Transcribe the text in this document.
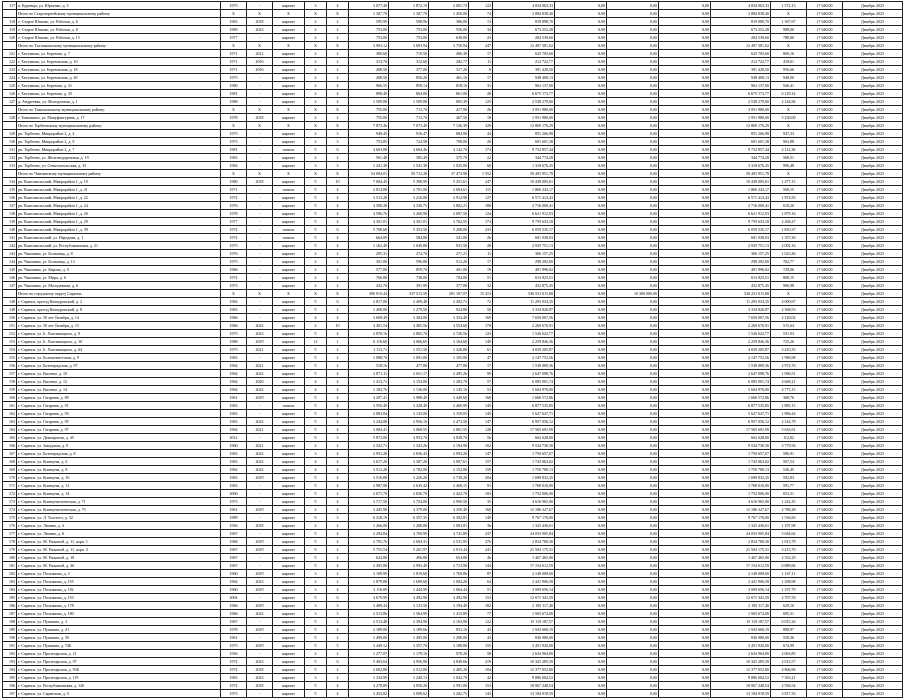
117	п. Куденцы, ул. Юрьенко, д. 3	1975	-	кирпич	3	4	3 077,40	1 872,10	2 001,72	122	4 834 063,33	0,00	0,00	0,00	4 834 063,33	1 572,13	17 640,00	Декабрь 2023
	Итого по Старотерпейскому муниципальному району:	X	X	X	X	X	1 307,79	1 307,79	1 450,00	74	3 884 838,40	0,00	0,00	0,00	3 884 838,40	X	17 640,00	Декабрь 2023
118	с. Старое Шахово, ул. Рабочая, д. 6	1965	2018	кирпич	2	2	595,99	598,96	386,00	13	818 898,70	0,00	0,00	0,00	819 080,70	1 367,67	17 640,00	Декабрь 2023
119	с. Старое Шахово, ул. Рабочая, д. 8	1969	2023	кирпич	2	2	753,00	753,00	556,00	34	673 252,28	0,00	0,00	0,00	673 252,28	988,00	17 640,00	Декабрь 2023
120	с. Старое Шахово, ул. Рабочая, д. 15	1977	-	кирпич	2	2	753,00	753,00	638,00	23	204 539,60	0,00	0,00	0,00	204 539,60	788,00	17 640,00	Декабрь 2023
	Итого по Тахтамышскому муниципальному району:	X	X	X	X	X	3 903,12	3 693,94	3 750,94	247	12 497 381,02	0,00	0,00	0,00	12 497 381,02	X	17 640,00	Декабрь 2023
121	г. Тахтамыш, ул. Березова, д. 7	1971	2012	кирпич	2	2	380,60	719,50	486,30	17	625 705,60	0,00	0,00	0,00	625 705,60	869,16	17 640,00	Декабрь 2023
122	г. Тахтамыш, ул. Березовская, д. 10	1971	2016	кирпич	2	2	313,70	312,60	282,77	11	212 722,77	0,00	0,00	0,00	212 722,77	418,61	17 640,00	Декабрь 2023
123	г. Тахтамыш, ул. Березовская, д. 18	1971	2016	кирпич	2	2	408,50	377,00	317,20	8	391 428,50	0,00	0,00	0,00	391 428,50	956,66	17 640,00	Декабрь 2023
124	г. Тахтамыш, ул. Березовская, д. 20	1975	-	кирпич	2	2	408,50	856,20	461,10	17	948 408,13	0,00	0,00	0,00	948 408,13	948,00	17 640,00	Декабрь 2023
125	г. Тахтамыш, ул. Березова, д. 31	1980	-	кирпич	2	4	966,55	858,14	818,10	31	962 137,00	0,00	0,00	0,00	962 137,00	946,41	17 640,00	Декабрь 2023
126	г. Тахтамыш, ул. Березова, д. 35	1981	-	кирпич	2	4	898,40	864,00	861,00	28	6 675 173,77	0,00	0,00	0,00	6 675 173,77	6 129,14	17 640,00	Декабрь 2023
127	д. Андреевка, ул. Молодежная, д. 1	1988	-	кирпич	2	4	1 509,88	1 509,88	805,39	125	2 538 279,00	0,00	0,00	0,00	2 538 279,00	2 144,84	17 640,00	Декабрь 2023
	Итого по Тимошинскому муниципальному району:	X	X	X	X	X	755,00	713,70	417,90	26	3 951 980,00	0,00	0,00	0,00	3 951 980,00	X	17 640,00	Декабрь 2023
128	г. Тимошино, ул. Мануфактурная, д. 17	1978	2018	кирпич	2	2	755,00	713,70	467,50	18	1 951 980,00	0,00	0,00	0,00	1 951 980,00	5 230,00	17 640,00	Декабрь 2023
	Итого по Торбеевскому муниципальному району:	X	X	X	X	X	7 873,46	7 073,40	7 136,39	329	12 869 176,29	0,00	0,00	0,00	12 869 176,29	X	17 640,00	Декабрь 2023
129	рп. Торбеево, Микрорайон 2, д. 4	1975	-	кирпич	2	3	948,45	916,47	884,90	44	851 266,98	0,00	0,00	0,00	851 266,98	947,33	17 640,00	Декабрь 2023
130	рп. Торбеево, Микрорайон 2, д. 9	1973	-	кирпич	2	3	753,85	724,58	708,00	20	601 601,38	0,00	0,00	0,00	601 601,38	963,88	17 640,00	Декабрь 2023
131	рп. Торбеево, Микрорайон 2, д. 7	1981	-	панель	5	6	4 603,88	4 604,46	4 142,70	173	9 752 857,44	0,00	0,00	0,00	9 752 857,44	2 112,38	17 640,00	Декабрь 2023
132	рп. Торбеево, ул. Железнодорожная, д. 19	1963	-	кирпич	2	2	561,48	385,49	375,79	22	344 774,28	0,00	0,00	0,00	344 774,28	568,51	17 640,00	Декабрь 2023
133	рп. Торбеево, ул. Севастопольская, д. 35	1982	-	кирпич	3	3	1 241,30	1 541,30	1 025,00	60	1 318 676,25	0,00	0,00	0,00	3 318 676,25	996,48	17 640,00	Декабрь 2023
	Итого по Чамзинскому муниципальному району:	X	X	X	X	X	54 004,01	50 712,28	37 473,98	1 552	50 405 951,78	0,00	0,00	0,00	50 405 951,78	X	17 640,00	Декабрь 2023
134	рп. Комсомольский, Микрорайон 1, д. 10	1980	2018	кирпич	5	10	7 004,45	5 398,99	5 251,61	247	10 438 005,61	0,00	0,00	0,00	10 438 005,61	1 477,15	17 640,00	Декабрь 2023
135	рп. Комсомольский, Микрорайон 1, д. 21	1971	-	панель	5	4	2 814,88	2 701,00	2 694,61	115	1 866 243,17	0,00	0,00	0,00	1 866 243,17	568,15	17 640,00	Декабрь 2023
136	рп. Комсомольский, Микрорайон 1, д. 22	1972	-	кирпич	5	4	3 513,28	3 216,80	2 912,98	127	6 571 413,43	0,00	0,00	0,00	6 571 413,43	1 874,50	17 640,00	Декабрь 2023
137	рп. Комсомольский, Микрорайон 1, д. 24	1976	-	кирпич	5	4	4 308,28	4 336,75	3 802,21	180	2 716 000,41	0,00	0,00	0,00	2 716 000,41	618,20	17 640,00	Декабрь 2023
138	рп. Комсомольский, Микрорайон 1, д. 26	1978	-	кирпич	5	4	4 596,76	3 260,90	2 697,50	124	6 621 912,93	0,00	0,00	0,00	6 621 912,93	1 879,16	17 640,00	Декабрь 2023
139	рп. Комсомольский, Микрорайон 1, д. 29	1977	-	кирпич	5	4	4 301,01	4 301,01	3 762,55	173	9 759 633,18	0,00	0,00	0,00	9 759 633,18	2 268,47	17 640,00	Декабрь 2023
140	рп. Комсомольский, Микрорайон 1, д. 39	1972	-	панель	5	6	5 708,68	5 353,50	5 208,00	233	6 059 535,17	0,00	0,00	0,00	6 059 535,17	1 810,37	17 640,00	Декабрь 2023
141	рп. Комсомольский, ул. Народная, д. 1	1974	-	панель	5	4	664,09	584,80	341,00	26	681 038,03	0,00	0,00	0,00	681 038,03	1 357,30	17 640,00	Декабрь 2023
142	рп. Комсомольский, ул. Республиканская, д. 21	1975	-	кирпич	5	4	1 162,40	1 049,80	931,50	28	2 935 751,13	0,00	0,00	0,00	2 935 751,13	2 002,16	17 640,00	Декабрь 2023
143	рп. Чамзинка, ул. Больница, д. 8	1976	-	кирпич	2	2	295,31	274,70	271,21	11	366 157,25	0,00	0,00	0,00	366 157,25	1 023,46	17 640,00	Декабрь 2023
144	рп. Чамзинка, ул. Больница, д. 13	1975	-	кирпич	2	2	301,00	596,80	512,20	17	298 292,00	0,00	0,00	0,00	298 292,00	762,77	17 640,00	Декабрь 2023
145	рп. Чамзинка, ул. Кирова, д. 9	1966	-	кирпич	2	2	577,00	859,70	401,00	19	401 996,02	0,00	0,00	0,00	401 996,02	728,06	17 640,00	Декабрь 2023
146	рп. Чамзинка, ул. Мира, д. 6	1974	-	кирпич	2	2	766,80	738,00	704,00	51	613 823,51	0,00	0,00	0,00	613 823,51	808,15	17 640,00	Декабрь 2023
147	рп. Чамзинка, ул. Молодежная, д. 6	1973	-	кирпич	2	2	432,70	391,99	377,88	32	432 875,45	0,00	0,00	0,00	432 875,45	986,98	17 640,00	Декабрь 2023
	Итого по городскому округу Саранск:	X	X	X	X	X	390 015,44	337 513,59	291 107,07	15 413	536 531 011,08	0,00	10 300 000,00	0,00	526 231 011,08	X	17 640,00	Декабрь 2023
148	г. Саранск, проезд Кочкуровский, д. 2	1982	-	кирпич	5	6	2 817,00	2 409,48	2 492,71	72	11 295 034,35	0,00	0,00	0,00	11 295 034,35	4 009,67	17 640,00	Декабрь 2023
149	г. Саранск, проезд Кочкуровский, д. 8	1965	-	кирпич	5	2	1 408,00	1 279,50	924,80	50	3 334 826,87	0,00	0,00	0,00	3 334 826,87	2 368,53	17 640,00	Декабрь 2023
150	г. Саранск, ул. 50 лет Октября, д. 14	1966	-	кирпич	4	4	3 608,49	3 304,00	3 354,40	169	7 650 067,56	0,00	0,00	0,00	7 650 067,56	2 120,02	17 640,00	Декабрь 2023
151	г. Саранск, ул. 50 лет Октября, д. 15	1966	2022	кирпич	2	10	4 401,54	4 405,56	4 554,60	178	2 269 676,91	0,00	0,00	0,00	2 269 676,91	515,64	17 640,00	Декабрь 2023
152	г. Саранск, ул. Б. Хмельницкого, д. 9	1975	2023	кирпич	5	4	2 870,16	2 865,70	2 726,56	123	1 526 622,77	0,00	0,00	0,00	1 526 622,77	531,93	17 640,00	Декабрь 2023
153	г. Саранск, ул. Б. Хмельницкого, д. 10	1988	2019	кирпич	12	1	6 116,60	4 066,65	3 164,60	140	2 259 846,36	0,00	0,00	0,00	2 259 846,36	725,26	17 640,00	Декабрь 2023
154	г. Саранск, ул. Б. Хмельницкого, д. 64	1975	2021	кирпич	5	2	1 113,71	1 551,50	1 326,80	61	4 659 205,87	0,00	0,00	0,00	4 659 205,87	3 410,35	17 640,00	Декабрь 2023
155	г. Саранск, ул. Большевистская, д. 9	1965	-	кирпич	5	2	1 088,70	1 091,00	1 105,00	47	2 147 753,56	0,00	0,00	0,00	2 147 753,56	1 986,98	17 640,00	Декабрь 2023
156	г. Саранск, ул. Ботевградская, д. 97	1964	2021	кирпич	5	2	518,16	477,80	477,80	17	1 538 089,36	0,00	0,00	0,00	1 538 089,36	2 974,76	17 640,00	Декабрь 2023
157	г. Саранск, ул. Васенко, д. 10	1964	2022	кирпич	5	4	2 871,11	2 651,17	2 495,26	99	2 647 088,76	0,00	0,00	0,00	2 647 088,76	1 096,51	17 640,00	Декабрь 2023
158	г. Саранск, ул. Васенко, д. 12	1964	2020	кирпич	4	4	1 413,71	3 154,00	1 283,79	57	6 085 001,74	0,00	0,00	0,00	6 085 001,74	4 668,21	17 640,00	Декабрь 2023
159	г. Саранск, ул. Васенко, д. 14	1964	2022	кирпич	4	4	1 183,76	1 136,00	1 145,10	53	5 604 976,00	0,00	0,00	0,00	5 604 976,00	4 775,15	17 640,00	Декабрь 2023
160	г. Саранск, ул. Гагарина, д. 89	1961	2019	кирпич	5	4	4 297,41	3 988,40	3 449,60	168	1 668 572,86	0,00	0,00	0,00	1 668 572,86	368,76	17 640,00	Декабрь 2023
161	г. Саранск, ул. Гагарина, д. 91	1965	-	панель	5	4	3 550,40	3 328,40	2 460,99	145	6 877 535,85	0,00	0,00	0,00	6 877 535,85	1 885,15	17 640,00	Декабрь 2023
162	г. Саранск, ул. Гагарина, д. 93	1965	-	кирпич	5	4	2 883,84	3 133,00	3 159,05	145	5 627 647,71	0,00	0,00	0,00	5 627 647,71	1 896,44	17 640,00	Декабрь 2023
163	г. Саранск, ул. Гагарина, д. 95	1965	2022	кирпич	5	4	3 244,08	2 956,10	2 473,50	147	6 957 056,12	0,00	0,00	0,00	6 957 056,12	2 144,78	17 640,00	Декабрь 2023
164	г. Саранск, ул. Гагарина, д. 97	1964	2021	кирпич	5	4	3 084,41	3 068,55	2 861,55	128	17 565 601,99	0,00	0,00	0,00	17 565 601,99	5 633,61	17 640,00	Декабрь 2023
165	г. Саранск, ул. Демократии, д. 45	2012	-	кирпич	9	3	5 873,00	4 953,70	4 838,70	56	662 628,00	0,00	0,00	0,00	662 628,00	112,82	17 640,00	Декабрь 2023
166	г. Саранск, ул. Заводская, д. 9	1960	2021	кирпич	2	2	2 522,71	1 343,26	2 194,90	102	9 534 730,30	0,00	0,00	0,00	9 534 730,30	3 779,56	17 640,00	Декабрь 2023
167	г. Саранск, ул. Ботевградская, д. 8	1963	2022	кирпич	3	4	2 953,28	2 836,43	2 093,20	147	1 750 657,07	0,00	0,00	0,00	1 750 657,07	586,91	17 640,00	Декабрь 2023
168	г. Саранск, ул. Коммуны, д. 6	1963	2022	кирпич	4	4	3 617,20	3 307,20	3 007,61	157	1 743 063,02	0,00	0,00	0,00	1 743 063,02	567,54	17 640,00	Декабрь 2023
169	г. Саранск, ул. Коммуны, д. 8	1962	2022	кирпич	4	4	3 512,28	2 782,00	2 152,80	159	1 750 780,13	0,00	0,00	0,00	1 750 780,13	536,45	17 640,00	Декабрь 2023
170	г. Саранск, ул. Коммуны, д. 10	1963	2019	кирпич	5	4	3 516,88	3 226,20	2 739,20	204	1 698 832,35	0,00	0,00	0,00	1 698 832,35	592,83	17 640,00	Декабрь 2023
171	г. Саранск, ул. Коммуны, д. 12	1963	-	кирпич	5	4	2 987,08	2 635,42	2 469,15	91	1 768 010,00	0,00	0,00	0,00	1 768 010,00	591,77	17 640,00	Декабрь 2023
172	г. Саранск, ул. Коммуны, д. 14	2006	-	кирпич	5	2	2 671,79	2 836,79	2 422,79	103	1 752 006,00	0,00	0,00	0,00	1 752 006,00	653,31	17 640,00	Декабрь 2023
173	г. Саранск, ул. Коммунистическая, д. 71	1973	-	кирпич	5	4	3 717,50	3 754,00	2 990,50	35	4 616 965,00	0,00	0,00	0,00	4 616 965,00	1 242,45	17 640,00	Декабрь 2023
174	г. Саранск, ул. Коммунистическая, д. 75	1961	2019	кирпич	2	4	3 445,98	4 379,00	4 350,40	160	12 186 327,67	0,00	0,00	0,00	12 186 327,67	2 786,28	17 640,00	Декабрь 2023
175	г. Саранск, ул. Л. Толстого, д. 32	1989	-	кирпич	9	3	6 318,19	6 357,35	6 392,81	140	9 767 176,00	0,00	0,00	0,00	9 767 176,00	1 536,60	17 640,00	Декабрь 2023
176	г. Саранск, ул. Ленина, д. 4	1956	2018	кирпич	2	2	1 266,00	1 280,80	1 003,81	36	1 341 436,61	0,00	0,00	0,00	1 341 436,61	1 197,98	17 640,00	Декабрь 2023
177	г. Саранск, ул. Ленина, д. 8	1967	-	кирпич	5	4	2 294,84	4 760,99	4 741,89	237	24 033 905,84	0,00	0,00	0,00	24 033 905,84	5 044,62	17 640,00	Декабрь 2023
178	г. Саранск, ул. М. Расковой, д. 11, корп. 1	1968	2019	кирпич	5	4	2 791,76	2 694,31	2 531,95	276	2 834 780,30	0,00	0,00	0,00	2 834 780,30	1 013,78	17 640,00	Декабрь 2023
179	г. Саранск, ул. М. Расковой, д. 11, корп. 3	1967	2019	кирпич	9	2	5 755,54	5 261,97	2 013,44	241	21 504 175,31	0,00	0,00	0,00	21 504 175,31	3 415,70	17 640,00	Декабрь 2023
180	г. Саранск, ул. М. Расковой, д. 18	1967	-	кирпич	5	2	624,80	496,80	654,80	46	1 467 465,00	0,00	0,00	0,00	1 467 465,00	2 352,29	17 640,00	Декабрь 2023
181	г. Саранск, ул. М. Расковой, д. 36	1967	-	кирпич	5	4	2 493,80	2 993,40	2 713,90	144	17 154 612,59	0,00	0,00	0,00	17 154 612,59	6 889,84	17 640,00	Декабрь 2023
182	г. Саранск, ул. Полежаева, д. 3	1960	2019	кирпич	3	2	3 109,99	1 819,60	1 769,86	87	2 148 009,60	0,00	0,00	0,00	2 148 009,60	1 167,11	17 640,00	Декабрь 2023
183	г. Саранск, ул. Полежаева, д. 155	1964	2023	кирпич	2	2	1 879,88	1 699,60	1 004,20	64	2 441 906,58	0,00	0,00	0,00	2 441 906,58	1 298,98	17 640,00	Декабрь 2023
184	г. Саранск, ул. Полежаева, д. 182	1960	2019	кирпич	3	4	3 116,09	1 444,99	1 064,44	51	3 909 656,14	0,00	0,00	0,00	3 909 656,14	1 197,79	17 640,00	Декабрь 2023
185	г. Саранск, ул. Полежаева, д. 153	2004	-	кирпич	5	6	4 679,99	4 492,90	4 492,90	153	12 671 341,59	0,00	0,00	0,00	12 671 341,59	2 707,59	17 640,00	Декабрь 2023
186	г. Саранск, ул. Полежаева, д. 178	1966	2019	кирпич	3	3	3 489,44	3 123,50	3 194,40	182	2 195 117,40	0,00	0,00	0,00	2 195 117,40	629,10	17 640,00	Декабрь 2023
187	г. Саранск, ул. Полежаева, д. 180	1966	2022	кирпич	3	3	2 513,86	1 564,99	1 415,89	77	1 965 674,00	0,00	0,00	0,00	1 965 674,00	695,31	17 640,00	Декабрь 2023
188	г. Саранск, ул. Пушкина, д. 3	1967	-	кирпич	5	2	2 513,48	2 394,90	2 163,90	122	15 119 187,57	0,00	0,00	0,00	15 119 187,57	6 015,26	17 640,00	Декабрь 2023
189	г. Саранск, ул. Пушкина, д. 41	1978	2019	кирпич	5	4	2 189,00	3 189,66	853,10	43	1 943 668,19	0,00	0,00	0,00	1 943 668,19	888,97	17 640,00	Декабрь 2023
190	г. Саранск, ул. Пушкина, д. 50	1961	-	кирпич	5	2	1 499,00	1 495,00	1 290,00	43	836 980,00	0,00	0,00	0,00	836 980,00	558,36	17 640,00	Декабрь 2023
191	г. Саранск, ул. Пушкина, д. 74Б	1975	2019	кирпич	5	5	3 449,12	3 357,70	3 188,80	155	3 451 920,00	0,00	0,00	0,00	3 451 920,00	674,99	17 640,00	Декабрь 2023
192	г. Саранск, ул. Пролетарская, д. 21	1956	-	кирпич	2	2	1 277,07	1 179,10	970,20	58	2 634 964,00	0,00	0,00	0,00	2 634 964,00	2 063,85	17 640,00	Декабрь 2023
193	г. Саранск, ул. Пролетарская, д. 97	1972	2023	кирпич	5	6	5 403,64	4 956,90	4 849,66	219	10 341 285,39	0,00	0,00	0,00	10 341 285,39	2 012,57	17 640,00	Декабрь 2023
194	г. Саранск, ул. Пролетарская, д. 93Б	1972	2018	кирпич	5	2	2 602,80	2 512,00	2 465,20	104	12 377 052,80	0,00	0,00	0,00	12 377 052,80	4 806,96	17 640,00	Декабрь 2023
195	г. Саранск, ул. Пролетарская, д. 119	1963	2023	кирпич	3	2	1 334,99	1 240,13	1 042,79	42	9 886 604,52	0,00	0,00	0,00	9 886 604,52	7 363,21	17 640,00	Декабрь 2023
196	г. Саранск, ул. Республиканская, д. 126	1972	2018	кирпич	5	4	4 278,89	4 050,20	2 591,00	153	10 967 248,54	0,00	0,00	0,00	10 967 248,54	2 556,54	17 640,00	Декабрь 2023
197	г. Саранск, ул. Саранская, д. 9	1973	-	кирпич	5	4	3 453,82	3 099,62	3 202,75	143	13 184 918,59	0,00	0,00	0,00	13 184 918,59	3 817,33	17 640,00	Декабрь 2023
